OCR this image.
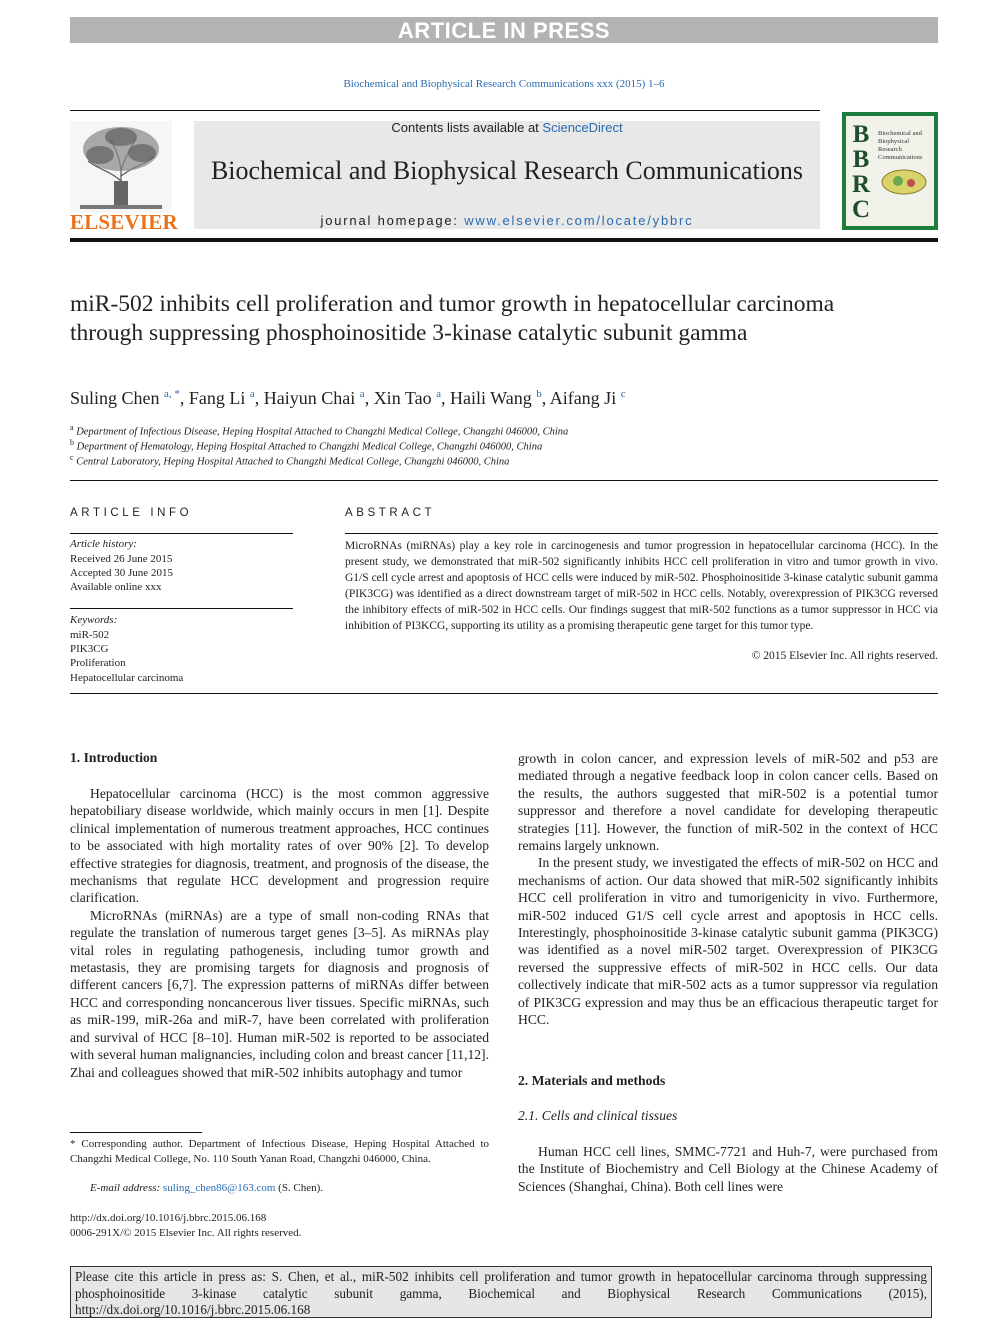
ARTICLE IN PRESS
Biochemical and Biophysical Research Communications xxx (2015) 1–6
ELSEVIER
Contents lists available at ScienceDirect
Biochemical and Biophysical Research Communications
journal homepage: www.elsevier.com/locate/ybbrc
B
B
R
C
Biochemical and Biophysical Research Communications
miR-502 inhibits cell proliferation and tumor growth in hepatocellular carcinoma through suppressing phosphoinositide 3-kinase catalytic subunit gamma
Suling Chen $^{a, *}$, Fang Li $^a$, Haiyun Chai $^a$, Xin Tao $^a$, Haili Wang $^b$, Aifang Ji $^c$
$^a$ Department of Infectious Disease, Heping Hospital Attached to Changzhi Medical College, Changzhi 046000, China
$^b$ Department of Hematology, Heping Hospital Attached to Changzhi Medical College, Changzhi 046000, China
$^c$ Central Laboratory, Heping Hospital Attached to Changzhi Medical College, Changzhi 046000, China
ARTICLE INFO
Article history:
Received 26 June 2015
Accepted 30 June 2015
Available online xxx
Keywords:
miR-502
PIK3CG
Proliferation
Hepatocellular carcinoma
ABSTRACT
MicroRNAs (miRNAs) play a key role in carcinogenesis and tumor progression in hepatocellular carcinoma (HCC). In the present study, we demonstrated that miR-502 significantly inhibits HCC cell proliferation in vitro and tumor growth in vivo. G1/S cell cycle arrest and apoptosis of HCC cells were induced by miR-502. Phosphoinositide 3-kinase catalytic subunit gamma (PIK3CG) was identified as a direct downstream target of miR-502 in HCC cells. Notably, overexpression of PIK3CG reversed the inhibitory effects of miR-502 in HCC cells. Our findings suggest that miR-502 functions as a tumor suppressor in HCC via inhibition of PI3KCG, supporting its utility as a promising therapeutic gene target for this tumor type.
© 2015 Elsevier Inc. All rights reserved.
1. Introduction

Hepatocellular carcinoma (HCC) is the most common aggressive hepatobiliary disease worldwide, which mainly occurs in men [1]. Despite clinical implementation of numerous treatment approaches, HCC continues to be associated with high mortality rates of over 90% [2]. To develop effective strategies for diagnosis, treatment, and prognosis of the disease, the mechanisms that regulate HCC development and progression require clarification.

MicroRNAs (miRNAs) are a type of small non-coding RNAs that regulate the translation of numerous target genes [3–5]. As miRNAs play vital roles in regulating pathogenesis, including tumor growth and metastasis, they are promising targets for diagnosis and prognosis of different cancers [6,7]. The expression patterns of miRNAs differ between HCC and corresponding noncancerous liver tissues. Specific miRNAs, such as miR-199, miR-26a and miR-7, have been correlated with proliferation and survival of HCC [8–10]. Human miR-502 is reported to be associated with several human malignancies, including colon and breast cancer [11,12]. Zhai and colleagues showed that miR-502 inhibits autophagy and tumor

* Corresponding author. Department of Infectious Disease, Heping Hospital Attached to Changzhi Medical College, No. 110 South Yanan Road, Changzhi 046000, China.
E-mail address: suling_chen86@163.com (S. Chen).
http://dx.doi.org/10.1016/j.bbrc.2015.06.168
0006-291X/© 2015 Elsevier Inc. All rights reserved.

growth in colon cancer, and expression levels of miR-502 and p53 are mediated through a negative feedback loop in colon cancer cells. Based on the results, the authors suggested that miR-502 is a potential tumor suppressor and therefore a novel candidate for developing therapeutic strategies [11]. However, the function of miR-502 in the context of HCC remains largely unknown.

In the present study, we investigated the effects of miR-502 on HCC and mechanisms of action. Our data showed that miR-502 significantly inhibits HCC cell proliferation in vitro and tumorigenicity in vivo. Furthermore, miR-502 induced G1/S cell cycle arrest and apoptosis in HCC cells. Interestingly, phosphoinositide 3-kinase catalytic subunit gamma (PIK3CG) was identified as a novel miR-502 target. Overexpression of PIK3CG reversed the suppressive effects of miR-502 in HCC cells. Our data collectively indicate that miR-502 acts as a tumor suppressor via regulation of PIK3CG expression and may thus be an efficacious therapeutic target for HCC.

2. Materials and methods
2.1. Cells and clinical tissues

Human HCC cell lines, SMMC-7721 and Huh-7, were purchased from the Institute of Biochemistry and Cell Biology at the Chinese Academy of Sciences (Shanghai, China). Both cell lines were

Please cite this article in press as: S. Chen, et al., miR-502 inhibits cell proliferation and tumor growth in hepatocellular carcinoma through suppressing phosphoinositide 3-kinase catalytic subunit gamma, Biochemical and Biophysical Research Communications (2015), http://dx.doi.org/10.1016/j.bbrc.2015.06.168
